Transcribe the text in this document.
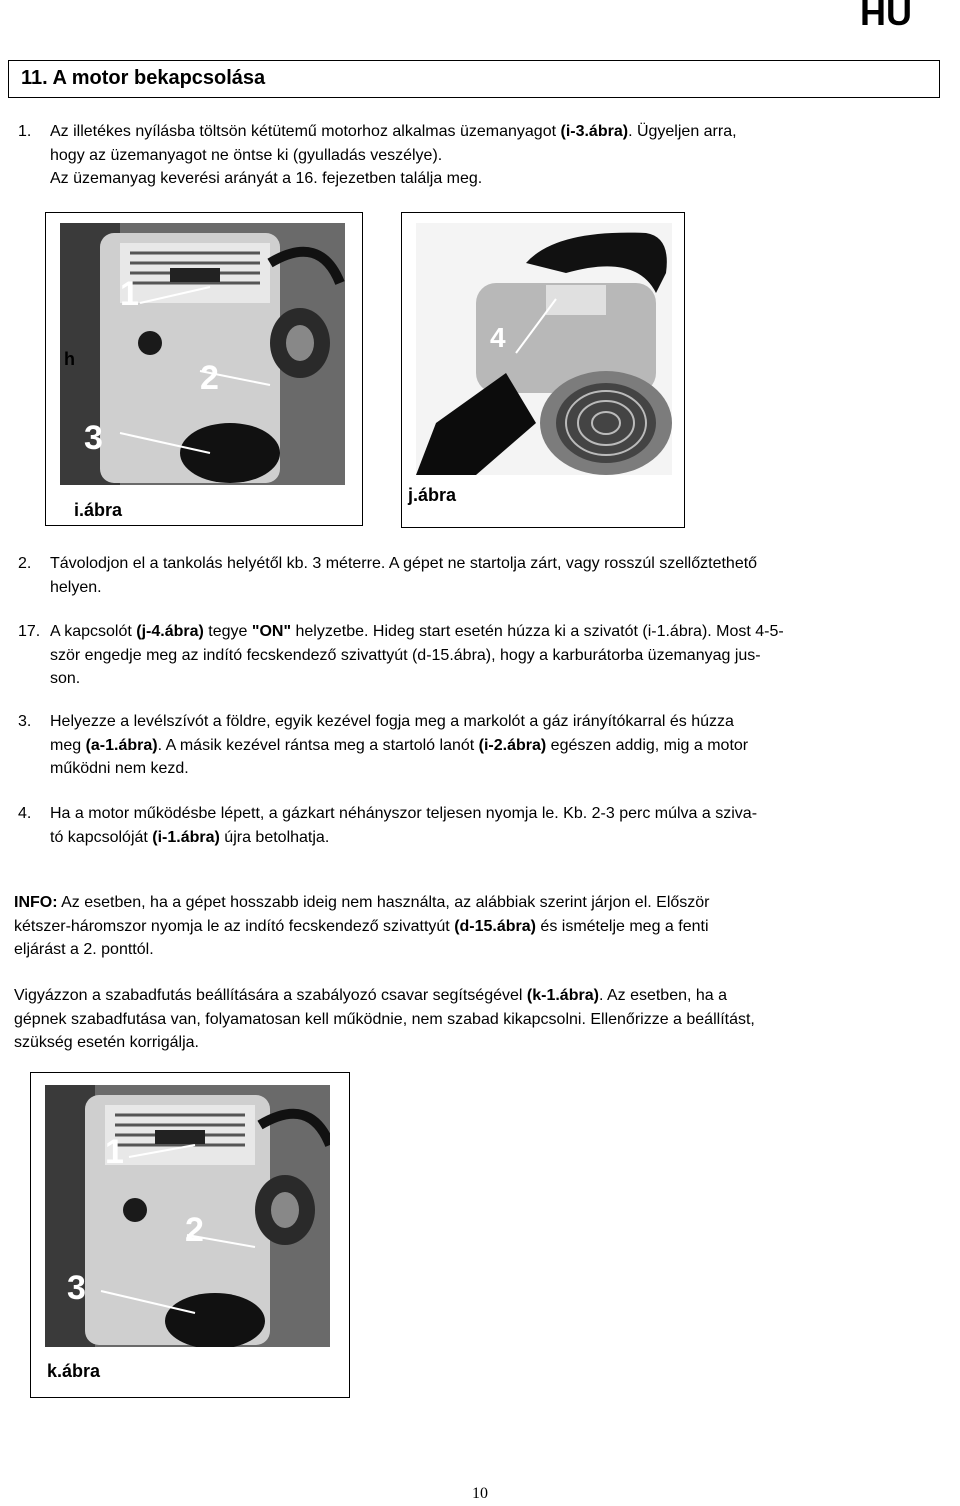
HU
11. A motor bekapcsolása
1. Az illetékes nyílásba töltsön kétütemű motorhoz alkalmas üzemanyagot (i-3.ábra). Ügyeljen arra,
hogy az üzemanyagot ne öntse ki (gyulladás veszélye).
Az üzemanyag keverési arányát a 16. fejezetben találja meg.
1
2
3
h
i.ábra
4
j.ábra
2. Távolodjon el a tankolás helyétől kb. 3 méterre. A gépet ne startolja zárt, vagy rosszúl szellőztethető
helyen.
17. A kapcsolót (j-4.ábra) tegye "ON" helyzetbe. Hideg start esetén húzza ki a szivatót (i-1.ábra). Most 4-5-
ször engedje meg az indító fecskendező szivattyút (d-15.ábra), hogy a karburátorba üzemanyag jus-
son.
3. Helyezze a levélszívót a földre, egyik kezével fogja meg a markolót a gáz irányítókarral és húzza
meg (a-1.ábra). A másik kezével rántsa meg a startoló lanót (i-2.ábra) egészen addig, mig a motor
működni nem kezd.
4. Ha a motor működésbe lépett, a gázkart néhányszor teljesen nyomja le. Kb. 2-3 perc múlva a sziva-
tó kapcsolóját (i-1.ábra) újra betolhatja.
INFO: Az esetben, ha a gépet hosszabb ideig nem használta, az alábbiak szerint járjon el. Először
kétszer-háromszor nyomja le az indító fecskendező szivattyút (d-15.ábra) és ismételje meg a fenti
eljárást a 2. ponttól.
Vigyázzon a szabadfutás beállítására a szabályozó csavar segítségével (k-1.ábra). Az esetben, ha a
gépnek szabadfutása van, folyamatosan kell működnie, nem szabad kikapcsolni. Ellenőrizze a beállítást,
szükség esetén korrigálja.
1
2
3
k.ábra
10
